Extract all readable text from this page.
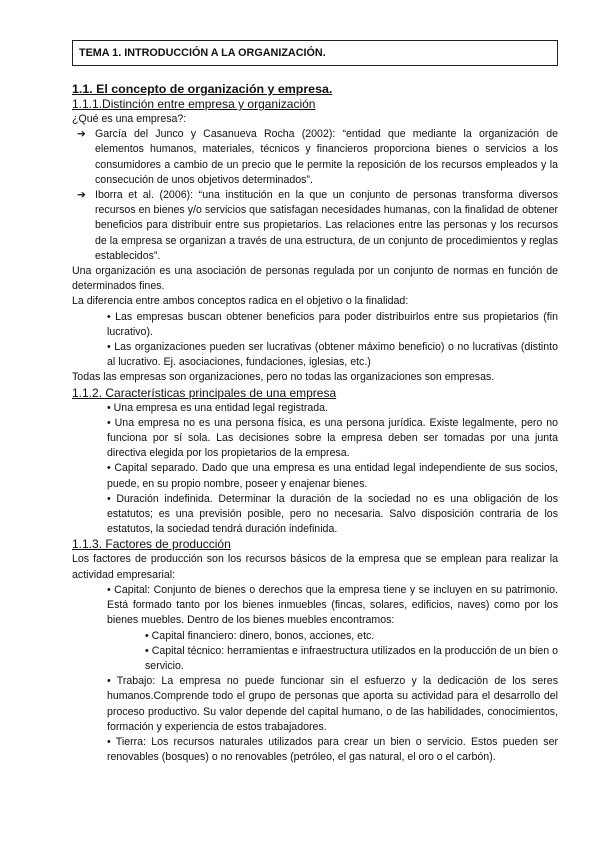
TEMA 1. INTRODUCCIÓN A LA ORGANIZACIÓN.
1.1. El concepto de organización y empresa.
1.1.1.Distinción entre empresa y organización
¿Qué es una empresa?:
➔ García del Junco y Casanueva Rocha (2002): “entidad que mediante la organización de elementos humanos, materiales, técnicos y financieros proporciona bienes o servicios a los consumidores a cambio de un precio que le permite la reposición de los recursos empleados y la consecución de unos objetivos determinados”.
➔ Iborra et al. (2006): “una institución en la que un conjunto de personas transforma diversos recursos en bienes y/o servicios que satisfagan necesidades humanas, con la finalidad de obtener beneficios para distribuir entre sus propietarios. Las relaciones entre las personas y los recursos de la empresa se organizan a través de una estructura, de un conjunto de procedimientos y reglas establecidos”.
Una organización es una asociación de personas regulada por un conjunto de normas en función de determinados fines.
La diferencia entre ambos conceptos radica en el objetivo o la finalidad:
• Las empresas buscan obtener beneficios para poder distribuirlos entre sus propietarios (fin lucrativo).
• Las organizaciones pueden ser lucrativas (obtener máximo beneficio) o no lucrativas (distinto al lucrativo. Ej. asociaciones, fundaciones, iglesias, etc.)
Todas las empresas son organizaciones, pero no todas las organizaciones son empresas.
1.1.2. Características principales de una empresa
• Una empresa es una entidad legal registrada.
• Una empresa no es una persona física, es una persona jurídica. Existe legalmente, pero no funciona por sí sola. Las decisiones sobre la empresa deben ser tomadas por una junta directiva elegida por los propietarios de la empresa.
• Capital separado. Dado que una empresa es una entidad legal independiente de sus socios, puede, en su propio nombre, poseer y enajenar bienes.
• Duración indefinida. Determinar la duración de la sociedad no es una obligación de los estatutos; es una previsión posible, pero no necesaria. Salvo disposición contraria de los estatutos, la sociedad tendrá duración indefinida.
1.1.3. Factores de producción
Los factores de producción son los recursos básicos de la empresa que se emplean para realizar la actividad empresarial:
• Capital: Conjunto de bienes o derechos que la empresa tiene y se incluyen en su patrimonio. Está formado tanto por los bienes inmuebles (fincas, solares, edificios, naves) como por los bienes muebles. Dentro de los bienes muebles encontramos:
• Capital financiero: dinero, bonos, acciones, etc.
• Capital técnico: herramientas e infraestructura utilizados en la producción de un bien o servicio.
• Trabajo: La empresa no puede funcionar sin el esfuerzo y la dedicación de los seres humanos.Comprende todo el grupo de personas que aporta su actividad para el desarrollo del proceso productivo. Su valor depende del capital humano, o de las habilidades, conocimientos, formación y experiencia de estos trabajadores.
• Tierra: Los recursos naturales utilizados para crear un bien o servicio. Estos pueden ser renovables (bosques) o no renovables (petróleo, el gas natural, el oro o el carbón).
